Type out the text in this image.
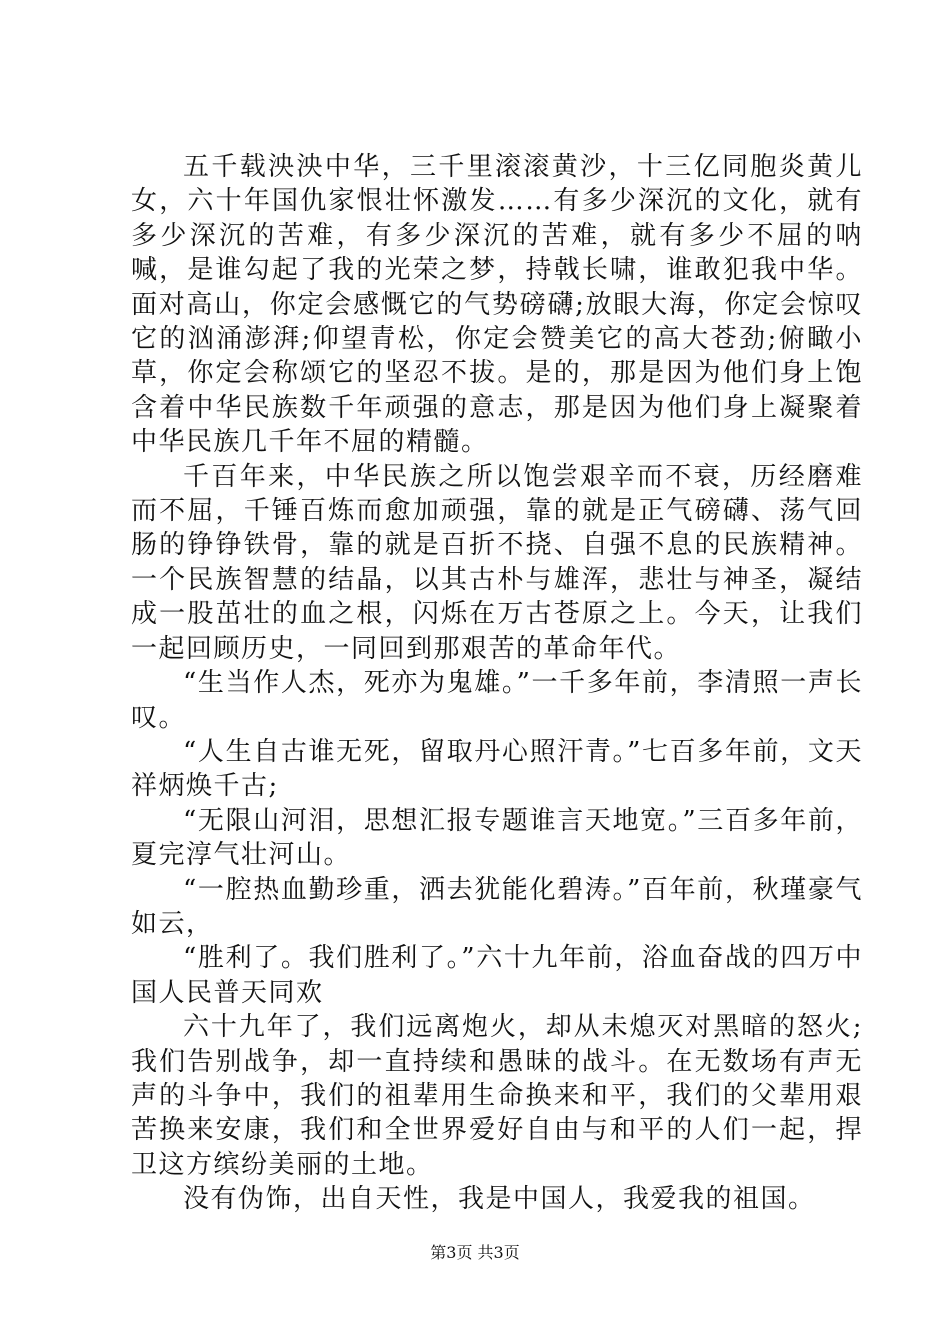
五千载泱泱中华，三千里滚滚黄沙，十三亿同胞炎黄儿女，六十年国仇家恨壮怀激发……有多少深沉的文化，就有多少深沉的苦难，有多少深沉的苦难，就有多少不屈的呐喊，是谁勾起了我的光荣之梦，持戟长啸，谁敢犯我中华。面对高山，你定会感慨它的气势磅礴;放眼大海，你定会惊叹它的汹涌澎湃;仰望青松，你定会赞美它的高大苍劲;俯瞰小草，你定会称颂它的坚忍不拔。是的，那是因为他们身上饱含着中华民族数千年顽强的意志，那是因为他们身上凝聚着中华民族几千年不屈的精髓。

千百年来，中华民族之所以饱尝艰辛而不衰，历经磨难而不屈，千锤百炼而愈加顽强，靠的就是正气磅礴、荡气回肠的铮铮铁骨，靠的就是百折不挠、自强不息的民族精神。一个民族智慧的结晶，以其古朴与雄浑，悲壮与神圣，凝结成一股茁壮的血之根，闪烁在万古苍原之上。今天，让我们一起回顾历史，一同回到那艰苦的革命年代。

“生当作人杰，死亦为鬼雄。”一千多年前，李清照一声长叹。

“人生自古谁无死，留取丹心照汗青。”七百多年前，文天祥炳焕千古;

“无限山河泪，思想汇报专题谁言天地宽。”三百多年前，夏完淳气壮河山。

“一腔热血勤珍重，洒去犹能化碧涛。”百年前，秋瑾豪气如云，

“胜利了。我们胜利了。”六十九年前，浴血奋战的四万中国人民普天同欢

六十九年了，我们远离炮火，却从未熄灭对黑暗的怒火;我们告别战争，却一直持续和愚昧的战斗。在无数场有声无声的斗争中，我们的祖辈用生命换来和平，我们的父辈用艰苦换来安康，我们和全世界爱好自由与和平的人们一起，捍卫这方缤纷美丽的土地。

没有伪饰，出自天性，我是中国人，我爱我的祖国。

第3页 共3页
